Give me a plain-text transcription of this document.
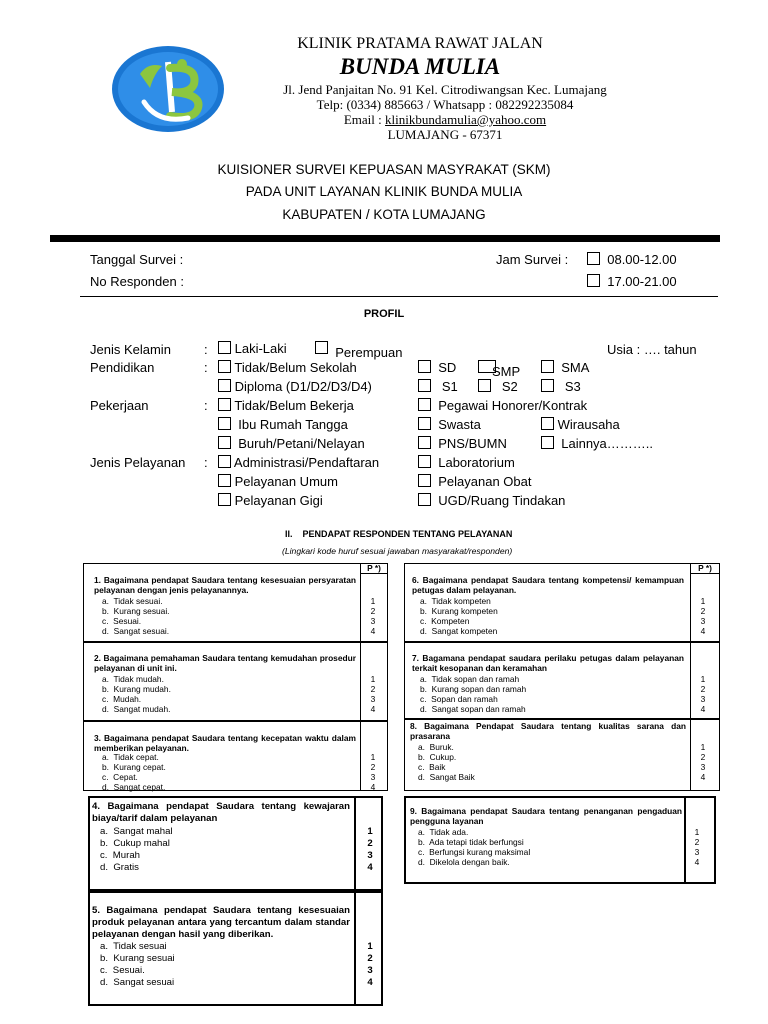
KLINIK PRATAMA RAWAT JALAN
BUNDA MULIA
Jl. Jend Panjaitan No. 91 Kel. Citrodiwangsan Kec. Lumajang
Telp: (0334) 885663 / Whatsapp : 082292235084
Email : klinikbundamulia@yahoo.com
LUMAJANG - 67371
KUISIONER SURVEI KEPUASAN MASYRAKAT (SKM)
PADA UNIT LAYANAN KLINIK BUNDA MULIA
KABUPATEN / KOTA LUMAJANG
Tanggal Survei :
No Responden :
Jam Survei :	08.00-12.00
17.00-21.00
PROFIL
Jenis Kelamin	:	Laki-Laki	Perempuan	Usia : …. tahun
Pendidikan	:	Tidak/Belum Sekolah	SD	SMP	SMA
Diploma (D1/D2/D3/D4)	S1	S2	S3
Pekerjaan	:	Tidak/Belum Bekerja	Pegawai Honorer/Kontrak
Ibu Rumah Tangga	Swasta	Wirausaha
Buruh/Petani/Nelayan	PNS/BUMN	Lainnya………..
Jenis Pelayanan :	Administrasi/Pendaftaran	Laboratorium
Pelayanan Umum	Pelayanan Obat
Pelayanan Gigi	UGD/Ruang Tindakan
II.    PENDAPAT RESPONDEN TENTANG PELAYANAN
(Lingkari kode huruf sesuai jawaban masyarakat/responden)
P *)	P *)
1. Bagaimana pendapat Saudara tentang kesesuaian persyaratan pelayanan dengan jenis pelayanannya.
a.  Tidak sesuai.	1
b.  Kurang sesuai.	2
c.  Sesuai.	3
d.  Sangat sesuai.	4
2. Bagaimana pemahaman Saudara tentang kemudahan prosedur pelayanan di unit ini.
a.  Tidak mudah.	1
b.  Kurang mudah.	2
c.  Mudah.	3
d.  Sangat mudah.	4
3. Bagaimana pendapat Saudara tentang kecepatan waktu dalam memberikan pelayanan.
a.  Tidak cepat.	1
b.  Kurang cepat.	2
c.  Cepat.	3
d.  Sangat cepat.	4
4. Bagaimana pendapat Saudara tentang kewajaran biaya/tarif dalam pelayanan
a.  Sangat mahal	1
b.  Cukup mahal	2
c.  Murah	3
d.  Gratis	4
5. Bagaimana pendapat Saudara tentang kesesuaian produk pelayanan antara yang tercantum dalam standar pelayanan dengan hasil yang diberikan.
a.  Tidak sesuai	1
b.  Kurang sesuai	2
c.  Sesuai.	3
d.  Sangat sesuai	4
6. Bagaimana pendapat Saudara tentang kompetensi/ kemampuan petugas dalam pelayanan.
a.  Tidak kompeten	1
b.  Kurang kompeten	2
c.  Kompeten	3
d.  Sangat kompeten	4
7. Bagamana pendapat saudara perilaku petugas dalam pelayanan terkait kesopanan dan keramahan
a.  Tidak sopan dan ramah	1
b.  Kurang sopan dan ramah	2
c.  Sopan dan ramah	3
d.  Sangat sopan dan ramah	4
8. Bagaimana Pendapat Saudara tentang kualitas sarana dan prasarana
a.  Buruk.	1
b.  Cukup.	2
c.  Baik	3
d.  Sangat Baik	4
9. Bagaimana pendapat Saudara tentang penanganan pengaduan pengguna layanan
a.  Tidak ada.	1
b.  Ada tetapi tidak berfungsi	2
c.  Berfungsi kurang maksimal	3
d.  Dikelola dengan baik.	4
